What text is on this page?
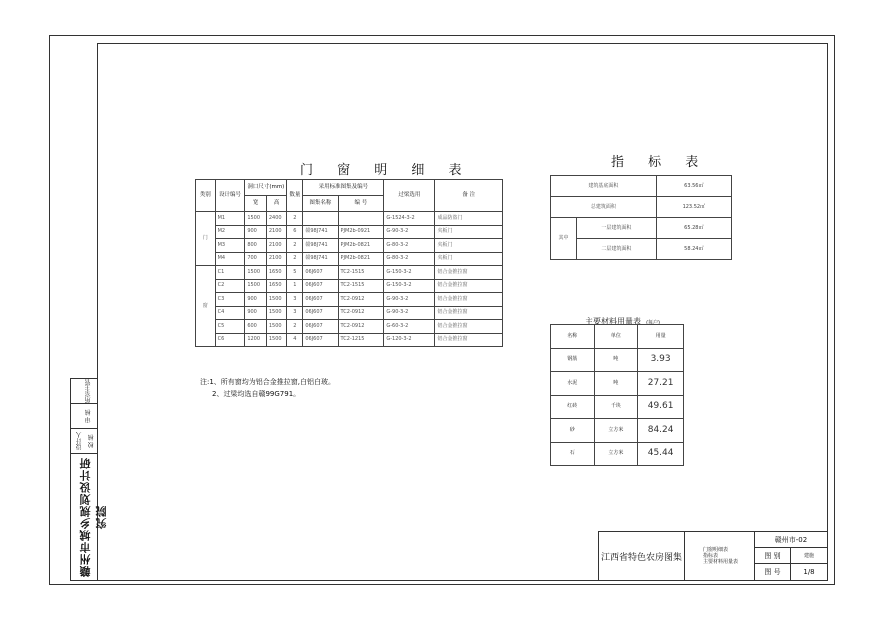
所室主管
审 核
设计人 校 核
赣州市城乡规划设计研究院
门 窗 明 细 表
类别	设计编号	洞口尺寸(mm)		数量	采用标准图集及编号		过梁选用	备 注
		宽	高		图集名称	编 号		
门	M1	1500	2400	2			G-1524-3-2	成品防盗门
	M2	900	2100	6	赣98J741	PJM2b-0921	G-90-3-2	夹板门
	M3	800	2100	2	赣98J741	PJM2b-0821	G-80-3-2	夹板门
	M4	700	2100	2	赣98J741	PJM2b-0821	G-80-3-2	夹板门
窗	C1	1500	1650	5	06J607	TC2-1515	G-150-3-2	铝合金推拉窗
	C2	1500	1650	1	06J607	TC2-1515	G-150-3-2	铝合金推拉窗
	C3	900	1500	3	06J607	TC2-0912	G-90-3-2	铝合金推拉窗
	C4	900	1500	3	06J607	TC2-0912	G-90-3-2	铝合金推拉窗
	C5	600	1500	2	06J607	TC2-0912	G-60-3-2	铝合金推拉窗
	C6	1200	1500	4	06J607	TC2-1215	G-120-3-2	铝合金推拉窗
注:1、所有窗均为铝合金推拉窗,白铝白玻。
2、过梁均选自赣99G791。
指 标 表
建筑基底面积		63.56㎡
总建筑面积		123.52㎡
其中	一层建筑面积	65.28㎡
	二层建筑面积	58.24㎡
主要材料用量表 (每户)
名称	单位	用量
钢筋	吨	3.93
水泥	吨	27.21
红砖	千块	49.61
砂	立方米	84.24
石	立方米	45.44
江西省特色农房图集
门窗明细表
指标表
主要材料用量表
赣州市-02
图 别	建施
图 号	1/8
